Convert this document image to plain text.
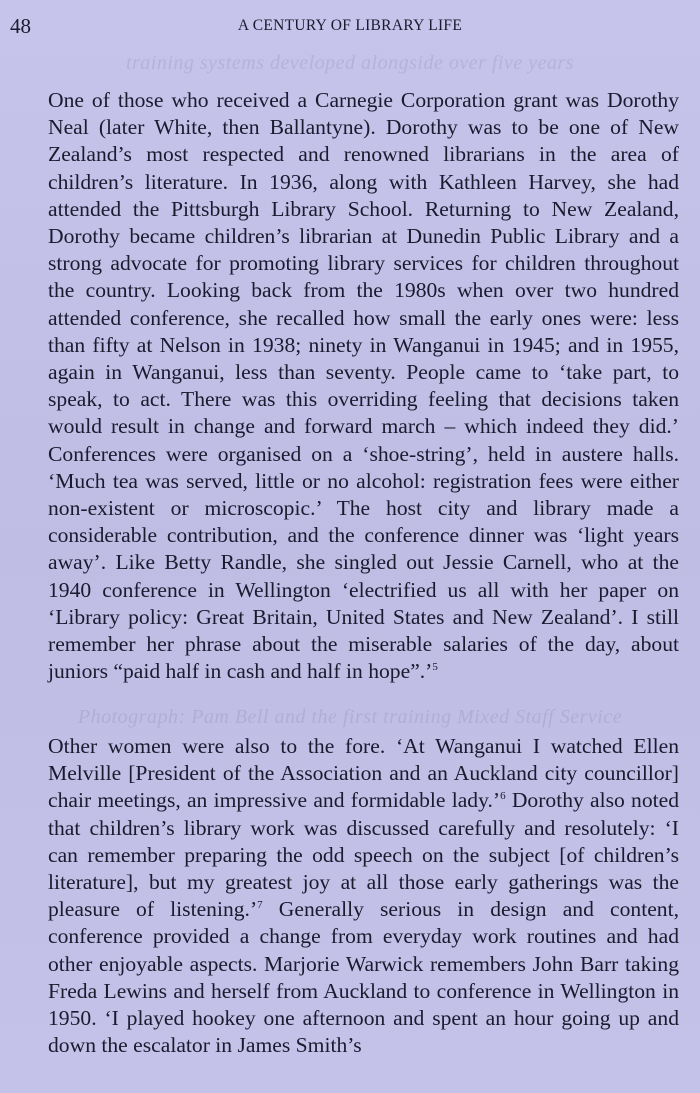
training systems developed alongside over five years
Photograph: Pam Bell and the first training Mixed Staff Service
48	A CENTURY OF LIBRARY LIFE

One of those who received a Carnegie Corporation grant was Dorothy Neal (later White, then Ballantyne). Dorothy was to be one of New Zealand’s most respected and renowned librarians in the area of children’s literature. In 1936, along with Kathleen Harvey, she had attended the Pittsburgh Library School. Returning to New Zealand, Dorothy became children’s librarian at Dunedin Public Library and a strong advocate for promoting library services for children throughout the country. Looking back from the 1980s when over two hundred attended conference, she recalled how small the early ones were: less than fifty at Nelson in 1938; ninety in Wanganui in 1945; and in 1955, again in Wanganui, less than seventy. People came to ‘take part, to speak, to act. There was this overriding feeling that decisions taken would result in change and forward march – which indeed they did.’ Conferences were organised on a ‘shoe-string’, held in austere halls. ‘Much tea was served, little or no alcohol: registration fees were either non-existent or microscopic.’ The host city and library made a considerable contribution, and the conference dinner was ‘light years away’. Like Betty Randle, she singled out Jessie Carnell, who at the 1940 conference in Wellington ‘electrified us all with her paper on ‘Library policy: Great Britain, United States and New Zealand’. I still remember her phrase about the miserable salaries of the day, about juniors “paid half in cash and half in hope”.’$^5$

Other women were also to the fore. ‘At Wanganui I watched Ellen Melville [President of the Association and an Auckland city councillor] chair meetings, an impressive and formidable lady.’$^6$ Dorothy also noted that children’s library work was discussed carefully and resolutely: ‘I can remember preparing the odd speech on the subject [of children’s literature], but my greatest joy at all those early gatherings was the pleasure of listening.’$^7$ Generally serious in design and content, conference provided a change from everyday work routines and had other enjoyable aspects. Marjorie Warwick remembers John Barr taking Freda Lewins and herself from Auckland to conference in Wellington in 1950. ‘I played hookey one afternoon and spent an hour going up and down the escalator in James Smith’s
